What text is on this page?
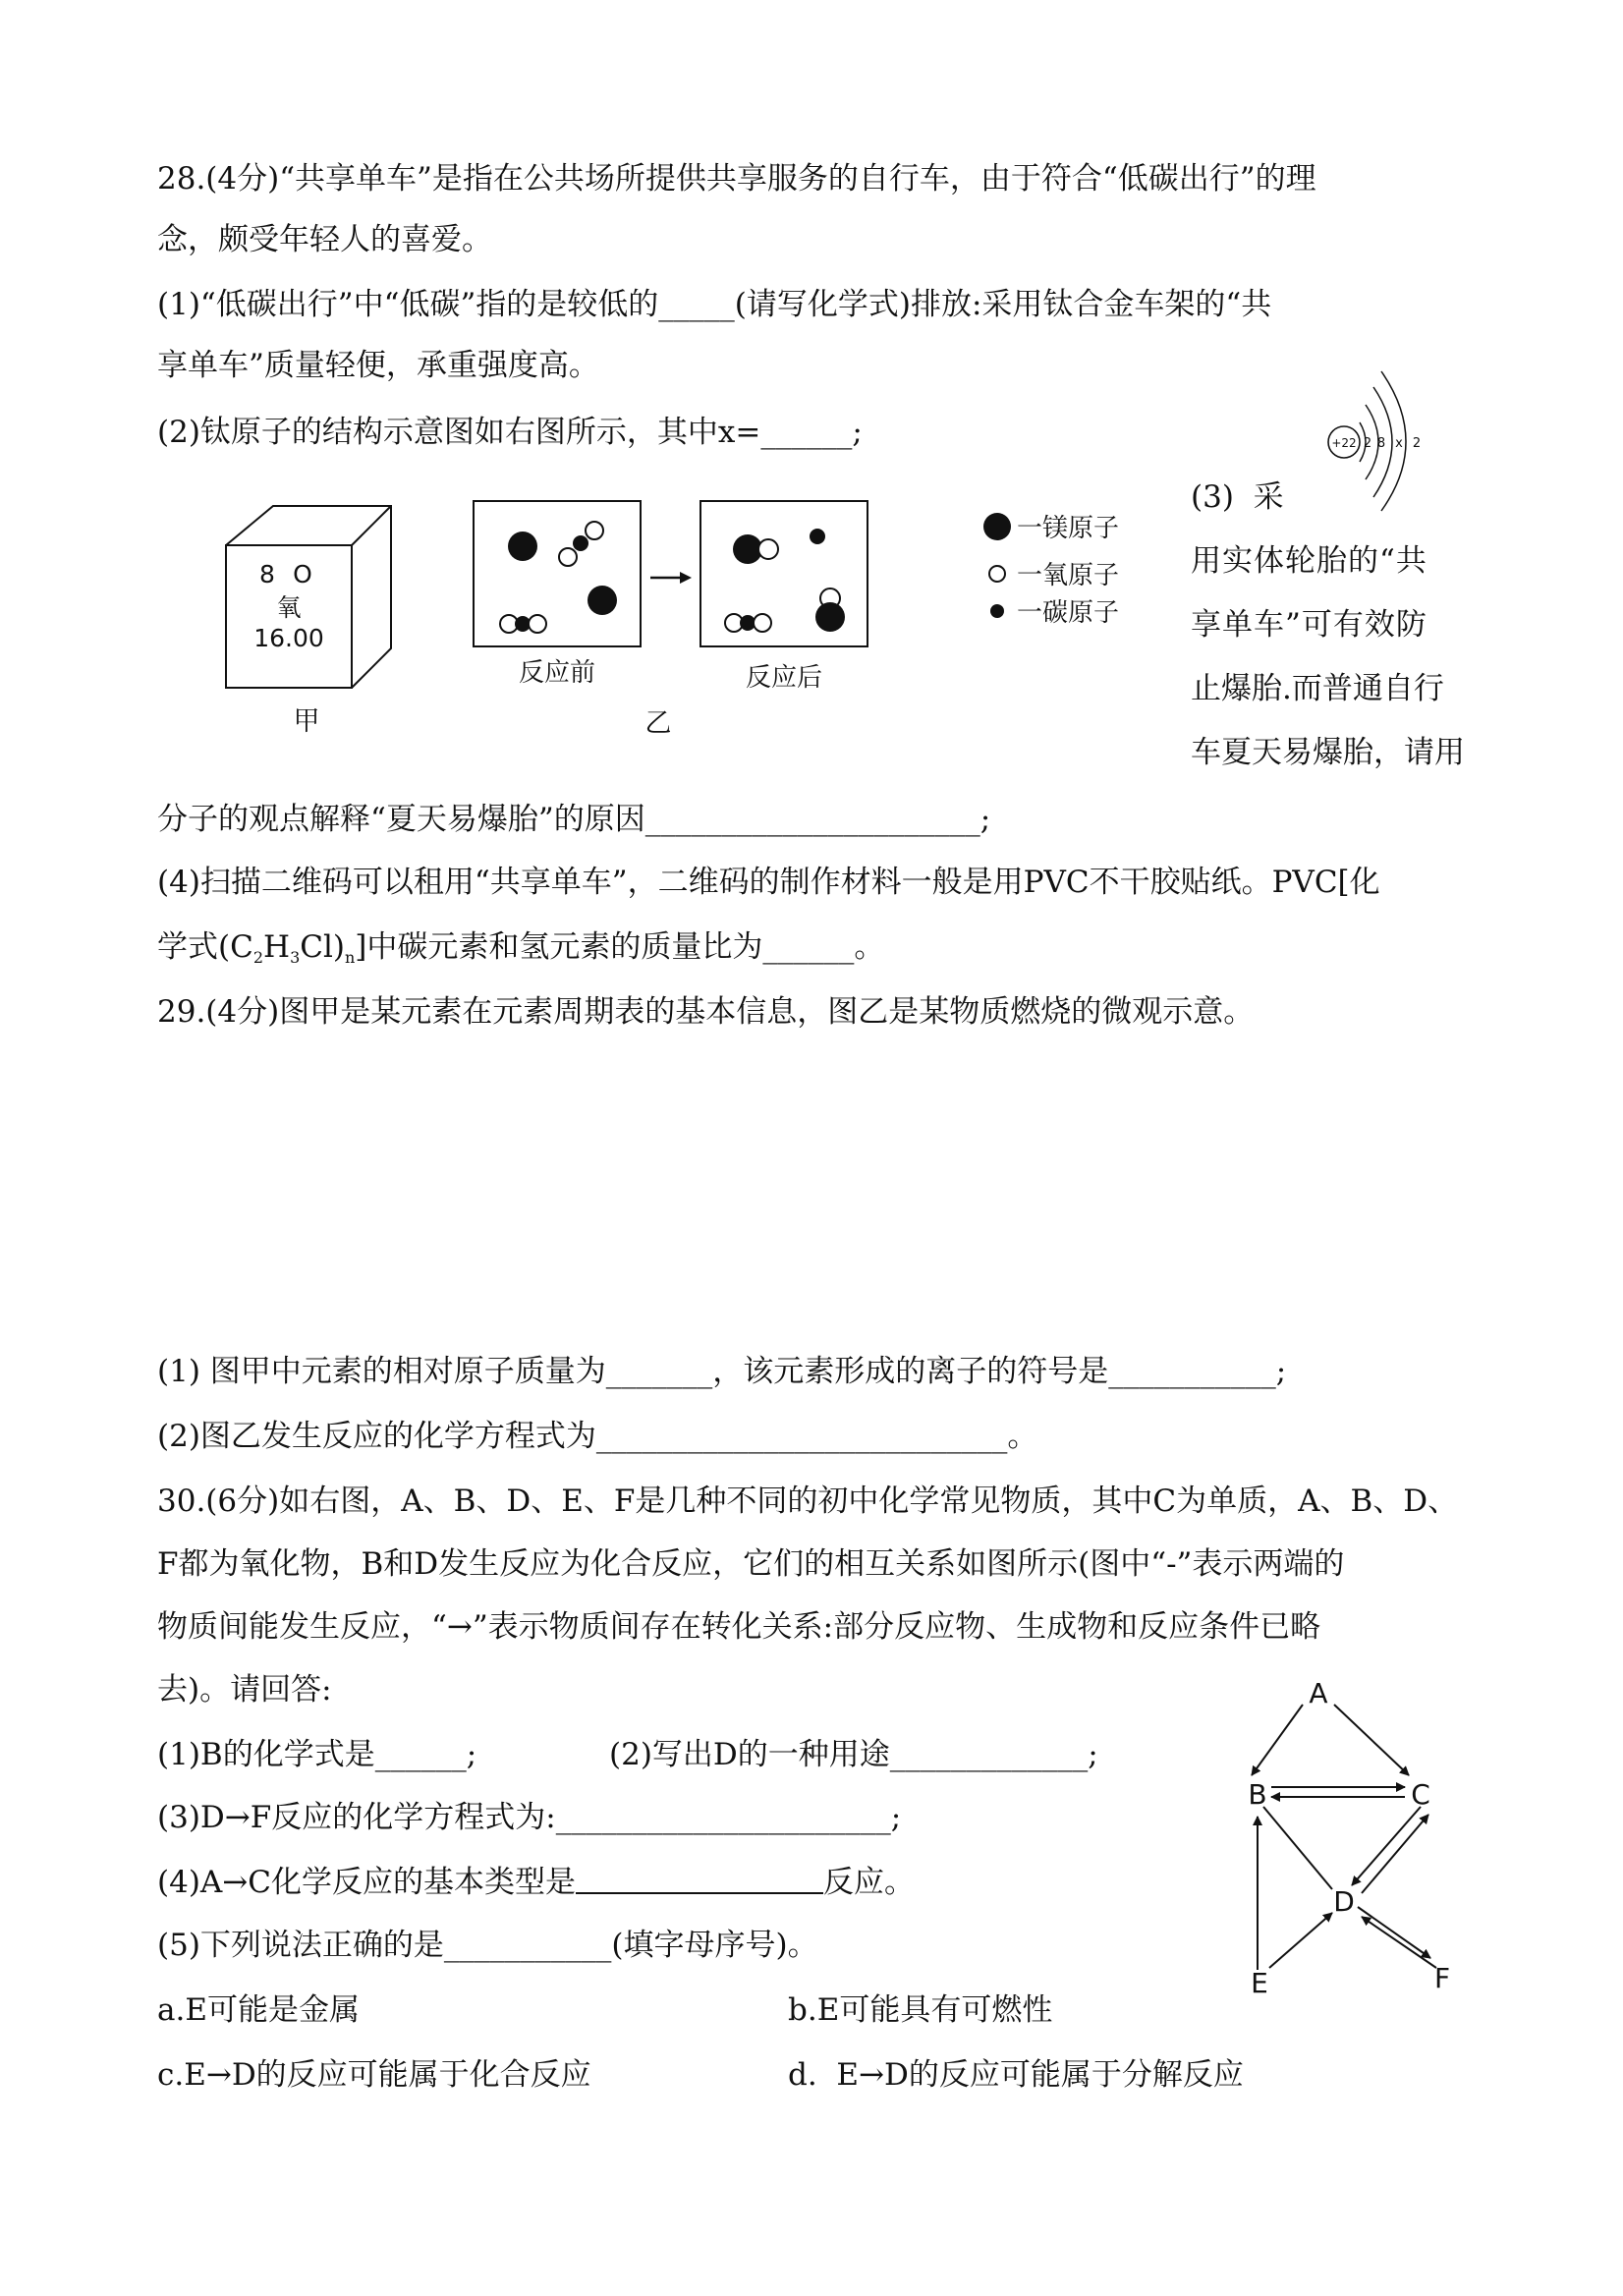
28.(4分)“共享单车”是指在公共场所提供共享服务的自行车，由于符合“低碳出行”的理
念，颇受年轻人的喜爱。
(1)“低碳出行”中“低碳”指的是较低的_____(请写化学式)排放:采用钛合金车架的“共
享单车”质量轻便，承重强度高。
(2)钛原子的结构示意图如右图所示，其中x=______;	+22 2 8 x 2
8 O
氧
16.00
甲
反应前	反应后
乙
一镁原子
一氧原子
一碳原子
(3)  采
用实体轮胎的“共
享单车”可有效防
止爆胎.而普通自行
车夏天易爆胎，请用
分子的观点解释“夏天易爆胎”的原因______________________;
(4)扫描二维码可以租用“共享单车”，二维码的制作材料一般是用PVC不干胶贴纸。PVC[化
学式$(C_2H_3Cl)_n$]中碳元素和氢元素的质量比为______。
29.(4分)图甲是某元素在元素周期表的基本信息，图乙是某物质燃烧的微观示意。
(1) 图甲中元素的相对原子质量为_______，该元素形成的离子的符号是___________;
(2)图乙发生反应的化学方程式为___________________________。
30.(6分)如右图，A、B、D、E、F是几种不同的初中化学常见物质，其中C为单质，A、B、D、
F都为氧化物，B和D发生反应为化合反应，它们的相互关系如图所示(图中“-”表示两端的
物质间能发生反应，“→”表示物质间存在转化关系:部分反应物、生成物和反应条件已略
去)。请回答:
(1)B的化学式是______;	(2)写出D的一种用途_____________;
(3)D→F反应的化学方程式为:______________________;
(4)A→C化学反应的基本类型是	反应。
(5)下列说法正确的是___________(填字母序号)。
a.E可能是金属	b.E可能具有可燃性
c.E→D的反应可能属于化合反应	d.  E→D的反应可能属于分解反应
A
B	C
D
E	F
